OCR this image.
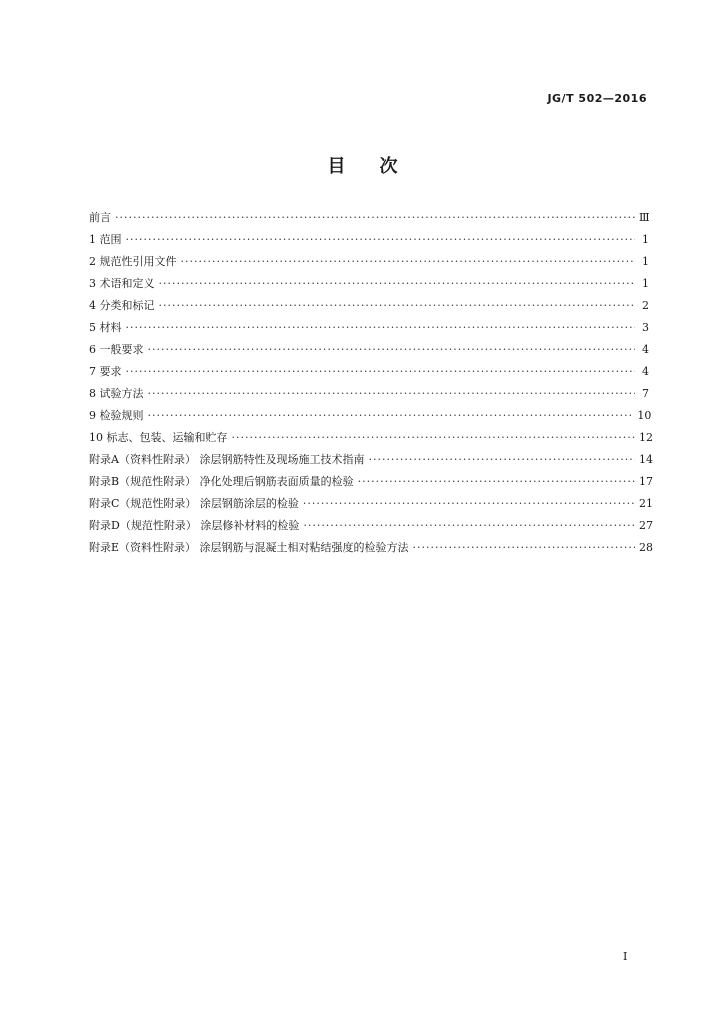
JG/T 502—2016
目 次
前言 ·····	Ⅲ
1 范围 ·····	1
2 规范性引用文件 ·····	1
3 术语和定义 ·····	1
4 分类和标记 ·····	2
5 材料 ·····	3
6 一般要求 ·····	4
7 要求 ·····	4
8 试验方法 ·····	7
9 检验规则 ·····	10
10 标志、包装、运输和贮存 ·····	12
附录A（资料性附录） 涂层钢筋特性及现场施工技术指南 ·····	14
附录B（规范性附录） 净化处理后钢筋表面质量的检验 ·····	17
附录C（规范性附录） 涂层钢筋涂层的检验 ·····	21
附录D（规范性附录） 涂层修补材料的检验 ·····	27
附录E（资料性附录） 涂层钢筋与混凝土相对粘结强度的检验方法 ·····	28
I
